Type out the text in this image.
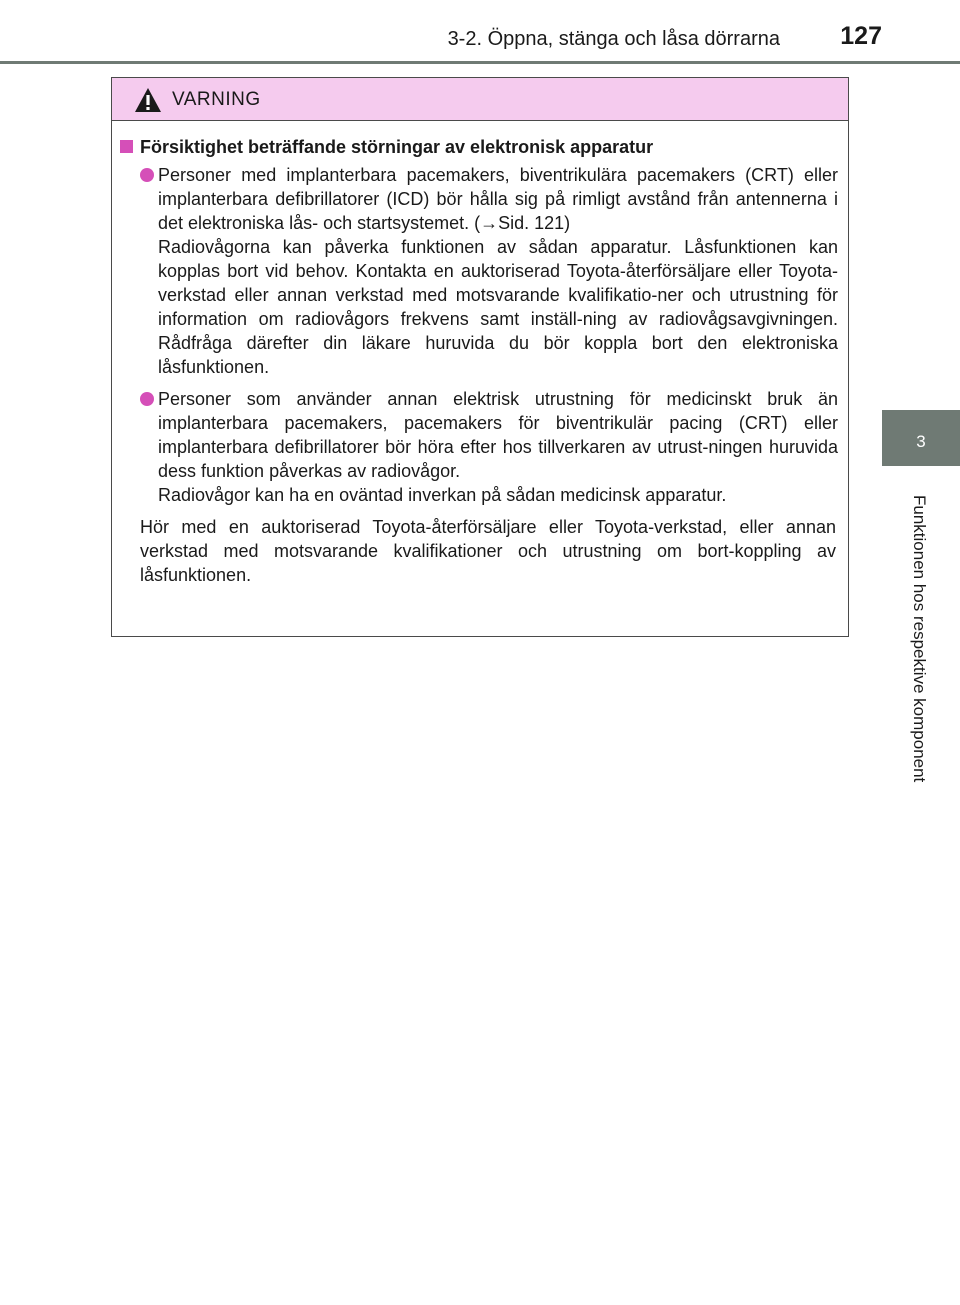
3-2. Öppna, stänga och låsa dörrarna 127
3
Funktionen hos respektive komponent
VARNING
Försiktighet beträffande störningar av elektronisk apparatur
Personer med implanterbara pacemakers, biventrikulära pacemakers (CRT) eller implanterbara defibrillatorer (ICD) bör hålla sig på rimligt avstånd från antennerna i det elektroniska lås- och startsystemet. (→Sid. 121)
Radiovågorna kan påverka funktionen av sådan apparatur. Låsfunktionen kan kopplas bort vid behov. Kontakta en auktoriserad Toyota-återförsäljare eller Toyota-verkstad eller annan verkstad med motsvarande kvalifikatio-ner och utrustning för information om radiovågors frekvens samt inställ-ning av radiovågsavgivningen. Rådfråga därefter din läkare huruvida du bör koppla bort den elektroniska låsfunktionen.
Personer som använder annan elektrisk utrustning för medicinskt bruk än implanterbara pacemakers, pacemakers för biventrikulär pacing (CRT) eller implanterbara defibrillatorer bör höra efter hos tillverkaren av utrust-ningen huruvida dess funktion påverkas av radiovågor.
Radiovågor kan ha en oväntad inverkan på sådan medicinsk apparatur.
Hör med en auktoriserad Toyota-återförsäljare eller Toyota-verkstad, eller annan verkstad med motsvarande kvalifikationer och utrustning om bort-koppling av låsfunktionen.
